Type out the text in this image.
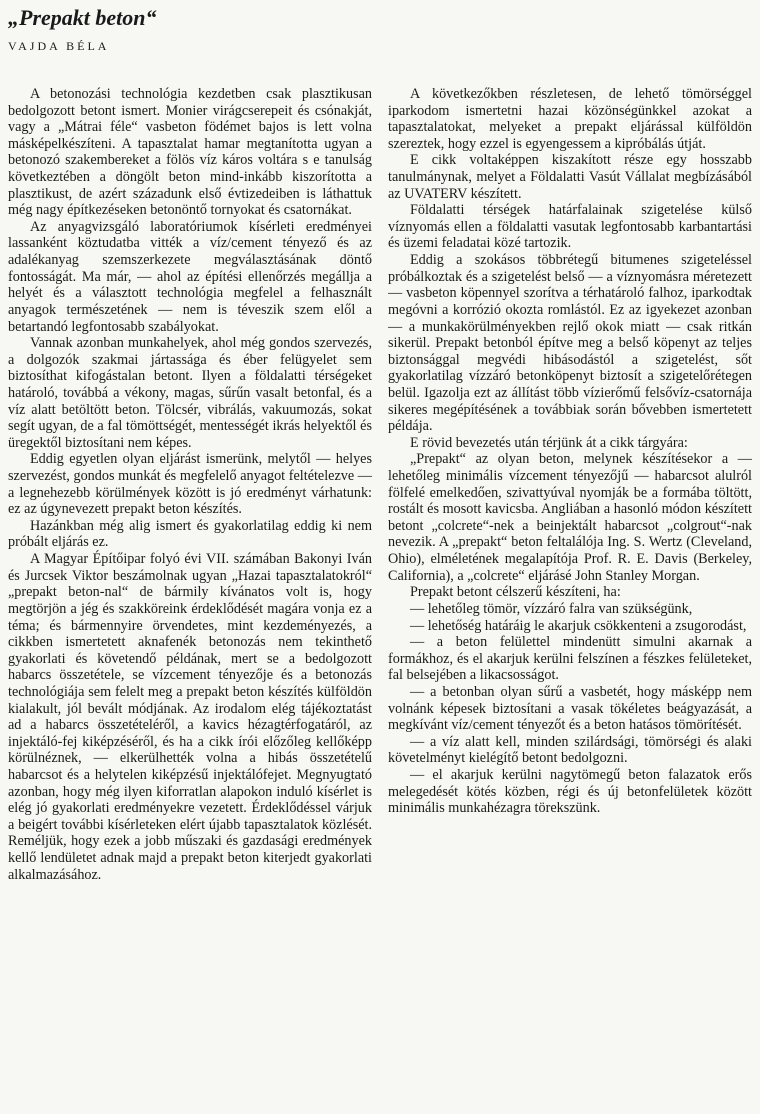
„Prepakt beton“
VAJDA BÉLA

A betonozási technológia kezdetben csak plasztikusan bedolgozott betont ismert. Monier virágcserepeit és csónakját, vagy a „Mátrai féle“ vasbeton födémet bajos is lett volna másképelkészíteni. A tapasztalat hamar megtanította ugyan a betonozó szakembereket a fölös víz káros voltára s e tanulság következtében a döngölt beton mind-inkább kiszorította a plasztikust, de azért századunk első évtizedeiben is láthattuk még nagy építkezéseken betonöntő tornyokat és csatornákat.

Az anyagvizsgáló laboratóriumok kísérleti eredményei lassanként köztudatba vitték a víz/cement tényező és az adalékanyag szemszerkezete megválasztásának döntő fontosságát. Ma már, — ahol az építési ellenőrzés megállja a helyét és a választott technológia megfelel a felhasznált anyagok természetének — nem is téveszik szem elől a betartandó legfontosabb szabályokat.

Vannak azonban munkahelyek, ahol még gondos szervezés, a dolgozók szakmai jártassága és éber felügyelet sem biztosíthat kifogástalan betont. Ilyen a földalatti térségeket határoló, továbbá a vékony, magas, sűrűn vasalt betonfal, és a víz alatt betöltött beton. Tölcsér, vibrálás, vakuumozás, sokat segít ugyan, de a fal tömöttségét, mentességét ikrás helyektől és üregektől biztosítani nem képes.

Eddig egyetlen olyan eljárást ismerünk, melytől — helyes szervezést, gondos munkát és megfelelő anyagot feltételezve — a legnehezebb körülmények között is jó eredményt várhatunk: ez az úgynevezett prepakt beton készítés.

Hazánkban még alig ismert és gyakorlatilag eddig ki nem próbált eljárás ez.

A Magyar Építőipar folyó évi VII. számában Bakonyi Iván és Jurcsek Viktor beszámolnak ugyan „Hazai tapasztalatokról“ „prepakt beton-nal“ de bármily kívánatos volt is, hogy megtörjön a jég és szakköreink érdeklődését magára vonja ez a téma; és bármennyire örvendetes, mint kezdeményezés, a cikkben ismertetett aknafenék betonozás nem tekinthető gyakorlati és követendő példának, mert se a bedolgozott habarcs összetétele, se vízcement tényezője és a betonozás technológiája sem felelt meg a prepakt beton készítés külföldön kialakult, jól bevált módjának. Az irodalom elég tájékoztatást ad a habarcs összetételéről, a kavics hézagtérfogatáról, az injektáló-fej kiképzéséről, és ha a cikk írói előzőleg kellőképp körülnéznek, — elkerülhették volna a hibás összetételű habarcsot és a helytelen kiképzésű injektálófejet. Megnyugtató azonban, hogy még ilyen kiforratlan alapokon induló kísérlet is elég jó gyakorlati eredményekre vezetett. Érdeklődéssel várjuk a beigért további kísérleteken elért újabb tapasztalatok közlését. Reméljük, hogy ezek a jobb műszaki és gazdasági eredmények kellő lendületet adnak majd a prepakt beton kiterjedt gyakorlati alkalmazásához.

A következőkben részletesen, de lehető tömörséggel iparkodom ismertetni hazai közönségünkkel azokat a tapasztalatokat, melyeket a prepakt eljárással külföldön szereztek, hogy ezzel is egyengessem a kipróbálás útját.

E cikk voltaképpen kiszakított része egy hosszabb tanulmánynak, melyet a Földalatti Vasút Vállalat megbízásából az UVATERV készített.

Földalatti térségek határfalainak szigetelése külső víznyomás ellen a földalatti vasutak legfontosabb karbantartási és üzemi feladatai közé tartozik.

Eddig a szokásos többrétegű bitumenes szigeteléssel próbálkoztak és a szigetelést belső — a víznyomásra méretezett — vasbeton köpennyel szorítva a térhatároló falhoz, iparkodtak megóvni a korrózió okozta romlástól. Ez az igyekezet azonban — a munkakörülményekben rejlő okok miatt — csak ritkán sikerül. Prepakt betonból építve meg a belső köpenyt az teljes biztonsággal megvédi hibásodástól a szigetelést, sőt gyakorlatilag vízzáró betonköpenyt biztosít a szigetelőrétegen belül. Igazolja ezt az állítást több vízierőmű felsővíz-csatornája sikeres megépítésének a továbbiak során bővebben ismertetett példája.

E rövid bevezetés után térjünk át a cikk tárgyára:

„Prepakt“ az olyan beton, melynek készítésekor a — lehetőleg minimális vízcement tényezőjű — habarcsot alulról fölfelé emelkedően, szivattyúval nyomják be a formába töltött, rostált és mosott kavicsba. Angliában a hasonló módon készített betont „colcrete“-nek a beinjektált habarcsot „colgrout“-nak nevezik. A „prepakt“ beton feltalálója Ing. S. Wertz (Cleveland, Ohio), elméletének megalapítója Prof. R. E. Davis (Berkeley, California), a „colcrete“ eljárásé John Stanley Morgan.

Prepakt betont célszerű készíteni, ha:

— lehetőleg tömör, vízzáró falra van szükségünk,

— lehetőség határáig le akarjuk csökkenteni a zsugorodást,

— a beton felülettel mindenütt simulni akarnak a formákhoz, és el akarjuk kerülni felszínen a fészkes felületeket, fal belsejében a likacsosságot.

— a betonban olyan sűrű a vasbetét, hogy másképp nem volnánk képesek biztosítani a vasak tökéletes beágyazását, a megkívánt víz/cement tényezőt és a beton hatásos tömörítését.

— a víz alatt kell, minden szilárdsági, tömörségi és alaki követelményt kielégítő betont bedolgozni.

— el akarjuk kerülni nagytömegű beton falazatok erős melegedését kötés közben, régi és új betonfelületek között minimális munkahézagra törekszünk.
